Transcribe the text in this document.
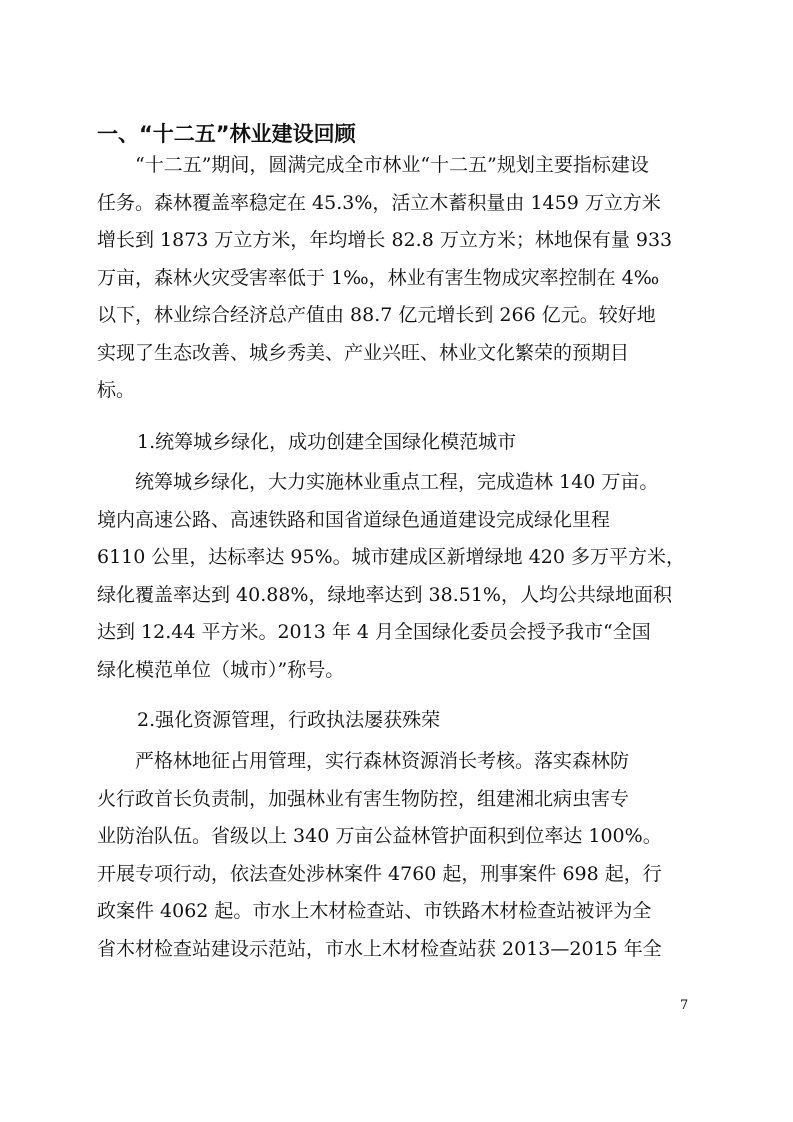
一、“十二五”林业建设回顾
“十二五”期间，圆满完成全市林业“十二五”规划主要指标建设
任务。森林覆盖率稳定在 45.3%，活立木蓄积量由 1459 万立方米
增长到 1873 万立方米，年均增长 82.8 万立方米；林地保有量 933
万亩，森林火灾受害率低于 1‰，林业有害生物成灾率控制在 4‰
以下，林业综合经济总产值由 88.7 亿元增长到 266 亿元。较好地
实现了生态改善、城乡秀美、产业兴旺、林业文化繁荣的预期目
标。
1.统筹城乡绿化，成功创建全国绿化模范城市
统筹城乡绿化，大力实施林业重点工程，完成造林 140 万亩。
境内高速公路、高速铁路和国省道绿色通道建设完成绿化里程
6110 公里，达标率达 95%。城市建成区新增绿地 420 多万平方米，
绿化覆盖率达到 40.88%，绿地率达到 38.51%，人均公共绿地面积
达到 12.44 平方米。2013 年 4 月全国绿化委员会授予我市“全国
绿化模范单位（城市）”称号。
2.强化资源管理，行政执法屡获殊荣
严格林地征占用管理，实行森林资源消长考核。落实森林防
火行政首长负责制，加强林业有害生物防控，组建湘北病虫害专
业防治队伍。省级以上 340 万亩公益林管护面积到位率达 100%。
开展专项行动，依法查处涉林案件 4760 起，刑事案件 698 起，行
政案件 4062 起。市水上木材检查站、市铁路木材检查站被评为全
省木材检查站建设示范站，市水上木材检查站获 2013—2015 年全
7
